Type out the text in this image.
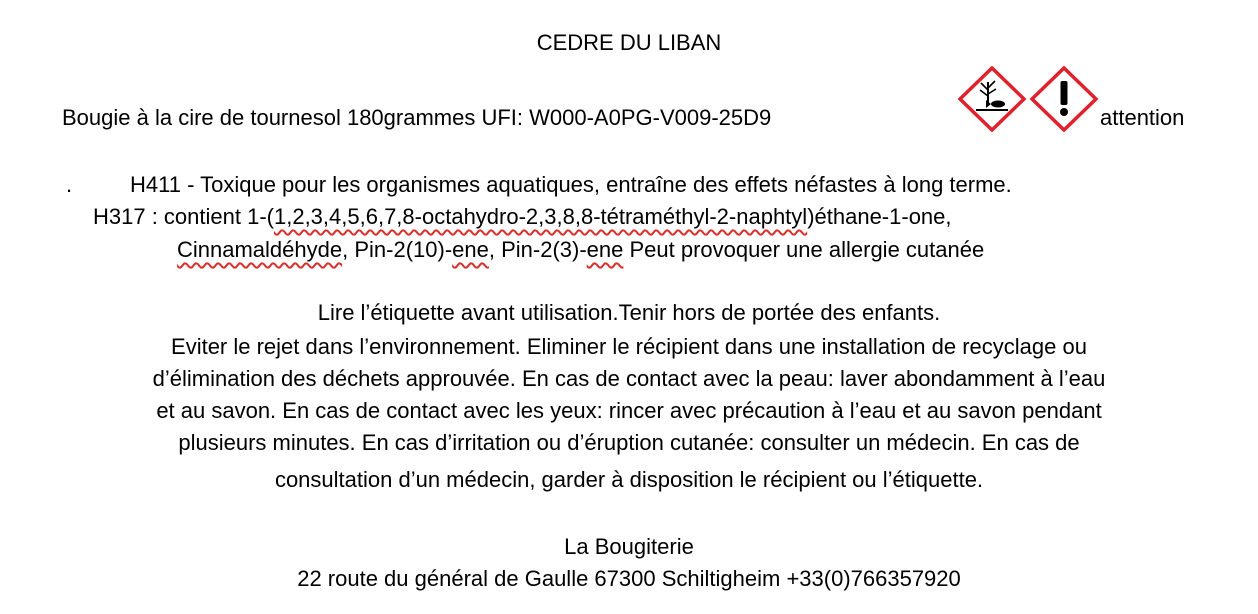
CEDRE DU LIBAN
Bougie à la cire de tournesol 180grammes UFI: W000-A0PG-V009-25D9	attention
.	H411 - Toxique pour les organismes aquatiques, entraîne des effets néfastes à long terme.
H317 : contient 1-(1,2,3,4,5,6,7,8-octahydro-2,3,8,8-tétraméthyl-2-naphtyl)éthane-1-one,
Cinnamaldéhyde, Pin-2(10)-ene, Pin-2(3)-ene Peut provoquer une allergie cutanée
Lire l’étiquette avant utilisation.Tenir hors de portée des enfants.
Eviter le rejet dans l’environnement. Eliminer le récipient dans une installation de recyclage ou
d’élimination des déchets approuvée. En cas de contact avec la peau: laver abondamment à l’eau
et au savon. En cas de contact avec les yeux: rincer avec précaution à l’eau et au savon pendant
plusieurs minutes. En cas d’irritation ou d’éruption cutanée: consulter un médecin. En cas de
consultation d’un médecin, garder à disposition le récipient ou l’étiquette.
La Bougiterie
22 route du général de Gaulle 67300 Schiltigheim +33(0)766357920
